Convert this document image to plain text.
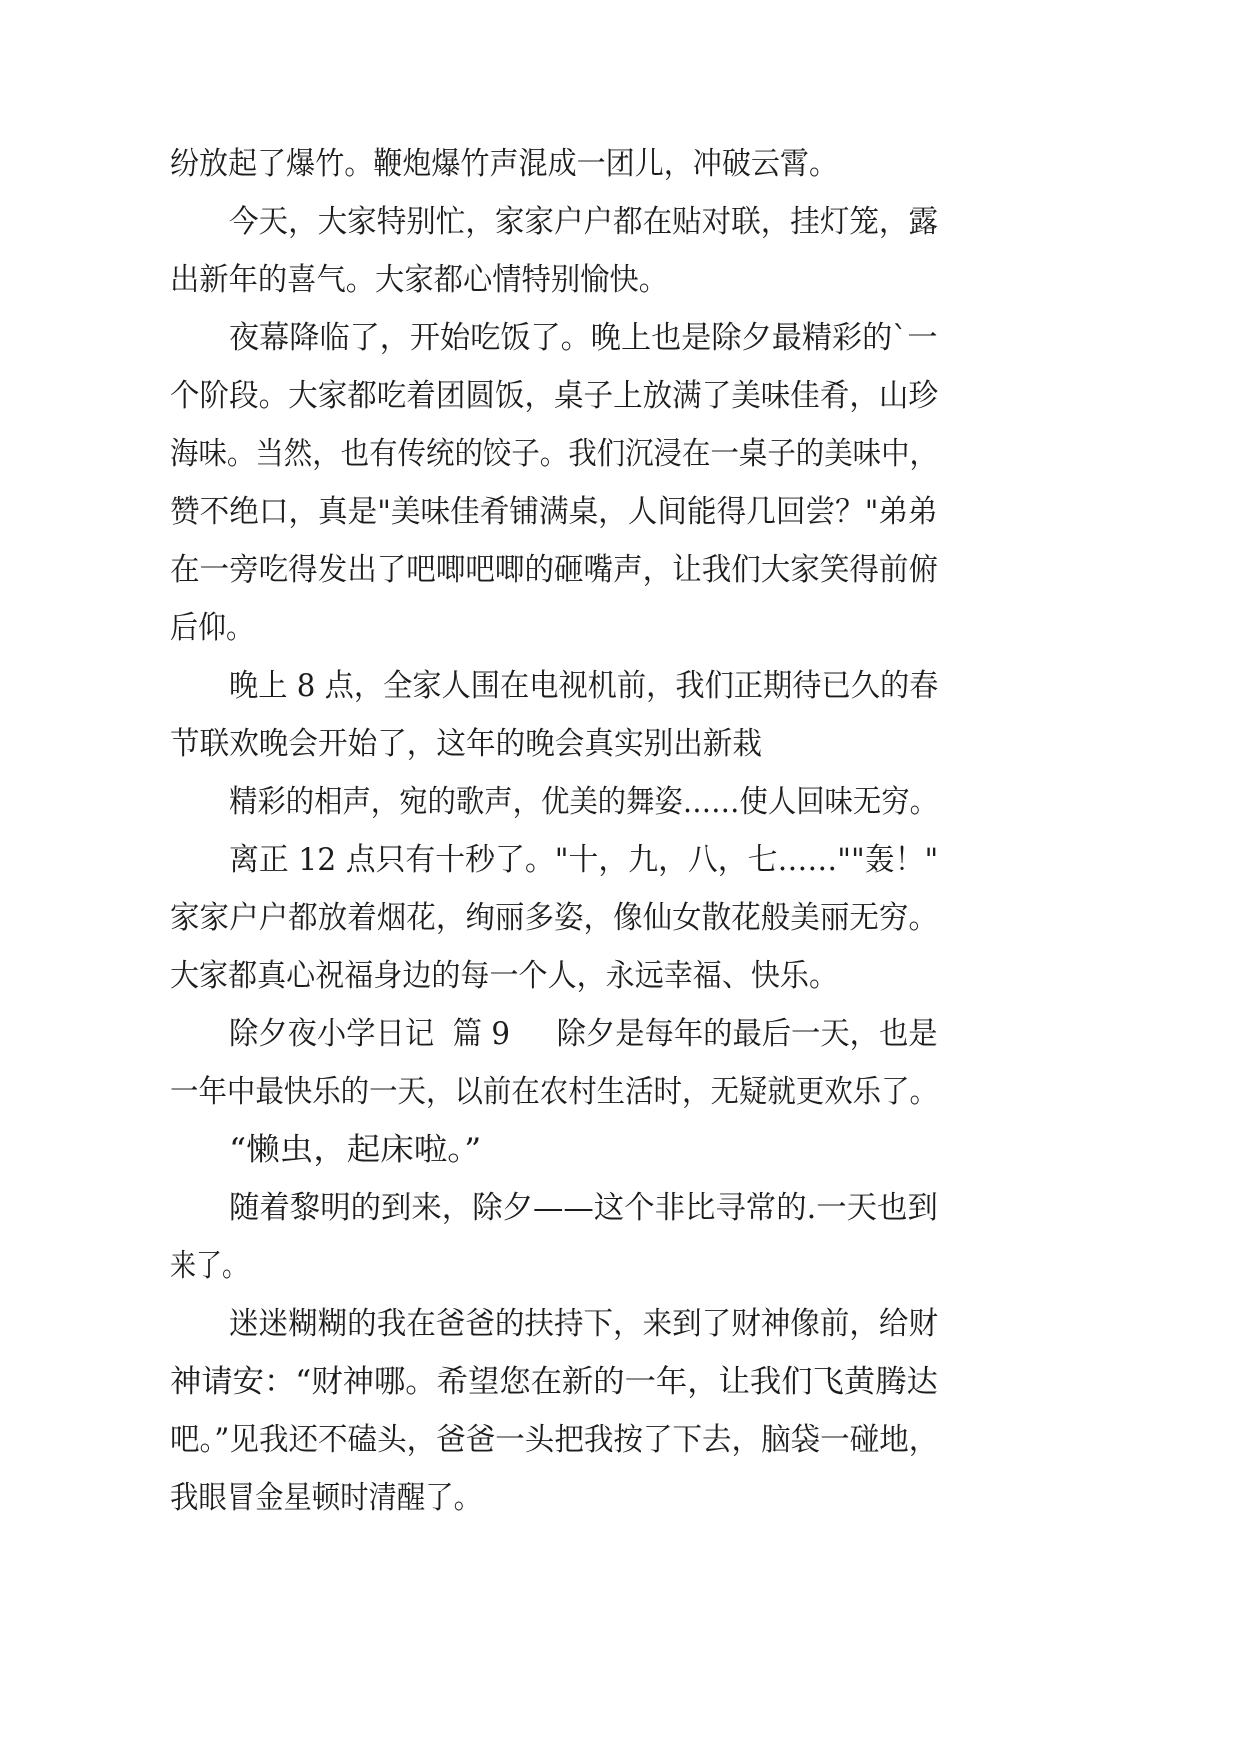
纷放起了爆竹。鞭炮爆竹声混成一团儿，冲破云霄。
今天，大家特别忙，家家户户都在贴对联，挂灯笼，露
出新年的喜气。大家都心情特别愉快。
夜幕降临了，开始吃饭了。晚上也是除夕最精彩的`一
个阶段。大家都吃着团圆饭，桌子上放满了美味佳肴，山珍
海味。当然，也有传统的饺子。我们沉浸在一桌子的美味中，
赞不绝口，真是"美味佳肴铺满桌，人间能得几回尝？"弟弟
在一旁吃得发出了吧唧吧唧的砸嘴声，让我们大家笑得前俯
后仰。
晚上 8 点，全家人围在电视机前，我们正期待已久的春
节联欢晚会开始了，这年的晚会真实别出新栽
精彩的相声，宛的歌声，优美的舞姿……使人回味无穷。
离正 12 点只有十秒了。"十，九，八，七……""轰！"
家家户户都放着烟花，绚丽多姿，像仙女散花般美丽无穷。
大家都真心祝福身边的每一个人，永远幸福、快乐。
除夕夜小学日记  篇 9     除夕是每年的最后一天，也是
一年中最快乐的一天，以前在农村生活时，无疑就更欢乐了。
“懒虫，起床啦。”
随着黎明的到来，除夕——这个非比寻常的.一天也到
来了。
迷迷糊糊的我在爸爸的扶持下，来到了财神像前，给财
神请安：“财神哪。希望您在新的一年，让我们飞黄腾达
吧。”见我还不磕头，爸爸一头把我按了下去，脑袋一碰地，
我眼冒金星顿时清醒了。
